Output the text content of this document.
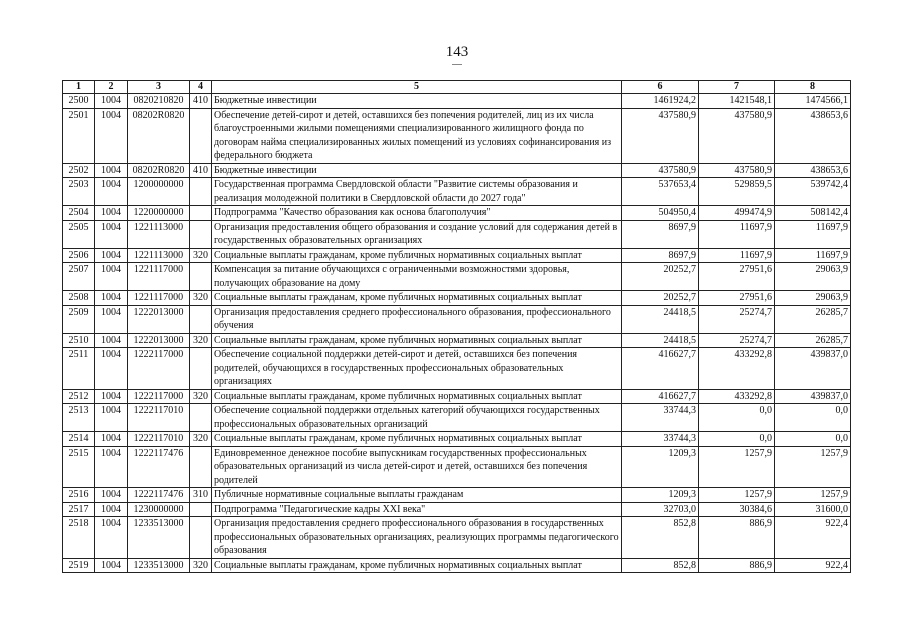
143
1	2	3	4	5	6	7	8
2500	1004	0820210820	410	Бюджетные инвестиции	1461924,2	1421548,1	1474566,1
2501	1004	08202R0820		Обеспечение детей-сирот и детей, оставшихся без попечения родителей, лиц из их числа благоустроенными жилыми помещениями специализированного жилищного фонда по договорам найма специализированных жилых помещений из условиях софинансирования из федерального бюджета	437580,9	437580,9	438653,6
2502	1004	08202R0820	410	Бюджетные инвестиции	437580,9	437580,9	438653,6
2503	1004	1200000000		Государственная программа Свердловской области "Развитие системы образования и реализация молодежной политики в Свердловской области до 2027 года"	537653,4	529859,5	539742,4
2504	1004	1220000000		Подпрограмма "Качество образования как основа благополучия"	504950,4	499474,9	508142,4
2505	1004	1221113000		Организация предоставления общего образования и создание условий для содержания детей в государственных образовательных организациях	8697,9	11697,9	11697,9
2506	1004	1221113000	320	Социальные выплаты гражданам, кроме публичных нормативных социальных выплат	8697,9	11697,9	11697,9
2507	1004	1221117000		Компенсация за питание обучающихся с ограниченными возможностями здоровья, получающих образование на дому	20252,7	27951,6	29063,9
2508	1004	1221117000	320	Социальные выплаты гражданам, кроме публичных нормативных социальных выплат	20252,7	27951,6	29063,9
2509	1004	1222013000		Организация предоставления среднего профессионального образования, профессионального обучения	24418,5	25274,7	26285,7
2510	1004	1222013000	320	Социальные выплаты гражданам, кроме публичных нормативных социальных выплат	24418,5	25274,7	26285,7
2511	1004	1222117000		Обеспечение социальной поддержки детей-сирот и детей, оставшихся без попечения родителей, обучающихся в государственных профессиональных образовательных организациях	416627,7	433292,8	439837,0
2512	1004	1222117000	320	Социальные выплаты гражданам, кроме публичных нормативных социальных выплат	416627,7	433292,8	439837,0
2513	1004	1222117010		Обеспечение социальной поддержки отдельных категорий обучающихся государственных профессиональных образовательных организаций	33744,3	0,0	0,0
2514	1004	1222117010	320	Социальные выплаты гражданам, кроме публичных нормативных социальных выплат	33744,3	0,0	0,0
2515	1004	1222117476		Единовременное денежное пособие выпускникам государственных профессиональных образовательных организаций из числа детей-сирот и детей, оставшихся без попечения родителей	1209,3	1257,9	1257,9
2516	1004	1222117476	310	Публичные нормативные социальные выплаты гражданам	1209,3	1257,9	1257,9
2517	1004	1230000000		Подпрограмма "Педагогические кадры XXI века"	32703,0	30384,6	31600,0
2518	1004	1233513000		Организация предоставления среднего профессионального образования в государственных профессиональных образовательных организациях, реализующих программы педагогического образования	852,8	886,9	922,4
2519	1004	1233513000	320	Социальные выплаты гражданам, кроме публичных нормативных социальных выплат	852,8	886,9	922,4
